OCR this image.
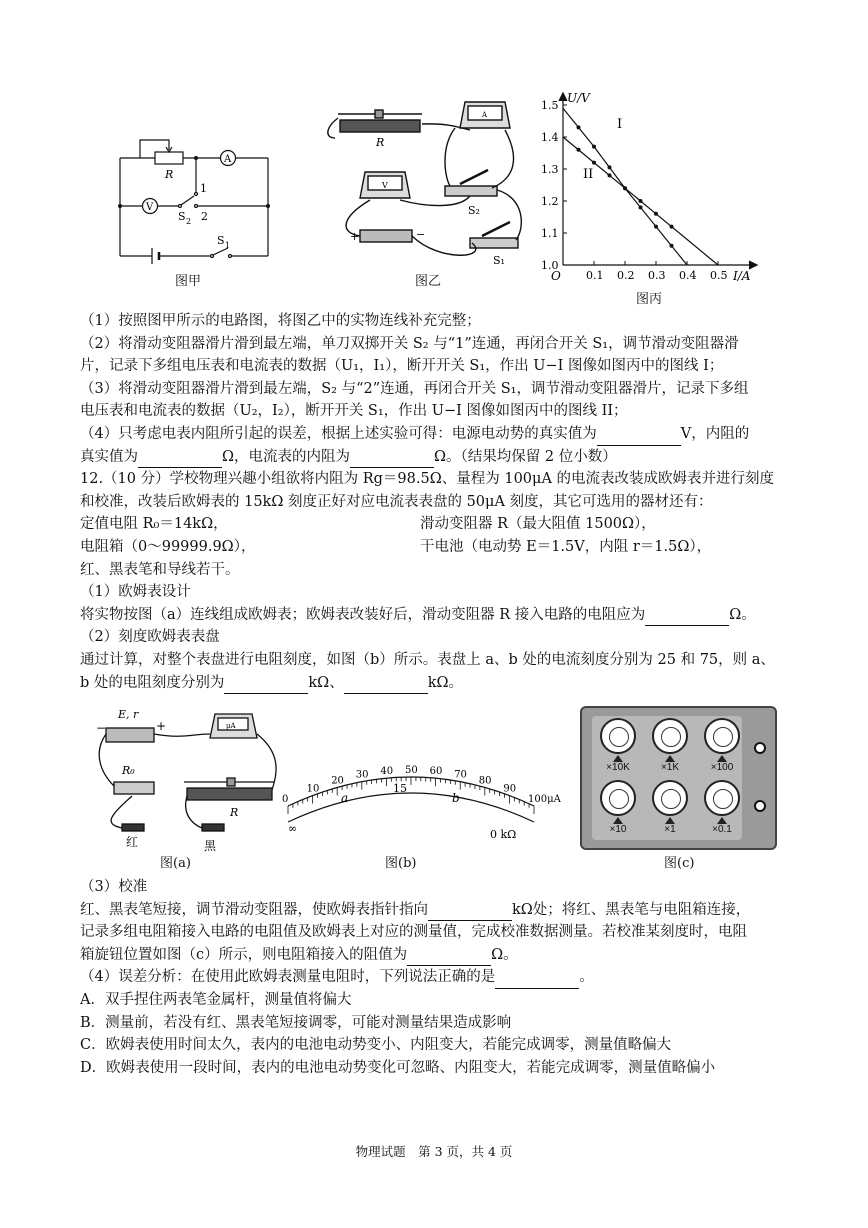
R
A
V
1
2
S 2
S 1
图甲
R
V
A
S₂
S₁
+	−
图乙	0.1 0.2 0.3 0.4 0.5
1.0
1.1
1.2
1.3
1.4
1.5
U/V
I/A
O
I
II
图丙

（1）按照图甲所示的电路图，将图乙中的实物连线补充完整；

（2）将滑动变阻器滑片滑到最左端，单刀双掷开关 S₂ 与“1”连通，再闭合开关 S₁，调节滑动变阻器滑

片，记录下多组电压表和电流表的数据（U₁，I₁），断开开关 S₁，作出 U−I 图像如图丙中的图线 I；

（3）将滑动变阻器滑片滑到最左端，S₂ 与“2”连通，再闭合开关 S₁，调节滑动变阻器滑片，记录下多组

电压表和电流表的数据（U₂，I₂），断开开关 S₁，作出 U−I 图像如图丙中的图线 II；

（4）只考虑电表内阻所引起的误差，根据上述实验可得：电源电动势的真实值为	V，内阻的

真实值为	Ω，电流表的内阻为	Ω。（结果均保留 2 位小数）

12.（10 分）学校物理兴趣小组欲将内阻为 Rg＝98.5Ω、量程为 100μA 的电流表改装成欧姆表并进行刻度

和校准，改装后欧姆表的 15kΩ 刻度正好对应电流表表盘的 50μA 刻度，其它可选用的器材还有：

定值电阻 R₀＝14kΩ，	滑动变阻器 R（最大阻值 1500Ω），

电阻箱（0～99999.9Ω），	干电池（电动势 E＝1.5V，内阻 r＝1.5Ω），

红、黑表笔和导线若干。

（1）欧姆表设计

将实物按图（a）连线组成欧姆表；欧姆表改装好后，滑动变阻器 R 接入电路的电阻应为	Ω。

（2）刻度欧姆表表盘

通过计算，对整个表盘进行电阻刻度，如图（b）所示。表盘上 a、b 处的电流刻度分别为 25 和 75，则 a、

b 处的电阻刻度分别为	kΩ、	kΩ。

E, r
−	+	μA
R₀
R
红	黑
图(a)
0
10
20
30 40 50 60 70
80
90
100μA
a	b
15
∞	0 kΩ
图(b)
×10K	×1K	×100
×10	×1	×0.1
图(c)

（3）校准

红、黑表笔短接，调节滑动变阻器，使欧姆表指针指向	kΩ处；将红、黑表笔与电阻箱连接，

记录多组电阻箱接入电路的电阻值及欧姆表上对应的测量值，完成校准数据测量。若校准某刻度时，电阻

箱旋钮位置如图（c）所示，则电阻箱接入的阻值为	Ω。

（4）误差分析：在使用此欧姆表测量电阻时，下列说法正确的是	。

A．双手捏住两表笔金属杆，测量值将偏大

B．测量前，若没有红、黑表笔短接调零，可能对测量结果造成影响

C．欧姆表使用时间太久，表内的电池电动势变小、内阻变大，若能完成调零，测量值略偏大

D．欧姆表使用一段时间，表内的电池电动势变化可忽略、内阻变大，若能完成调零，测量值略偏小

物理试题　第 3 页，共 4 页
